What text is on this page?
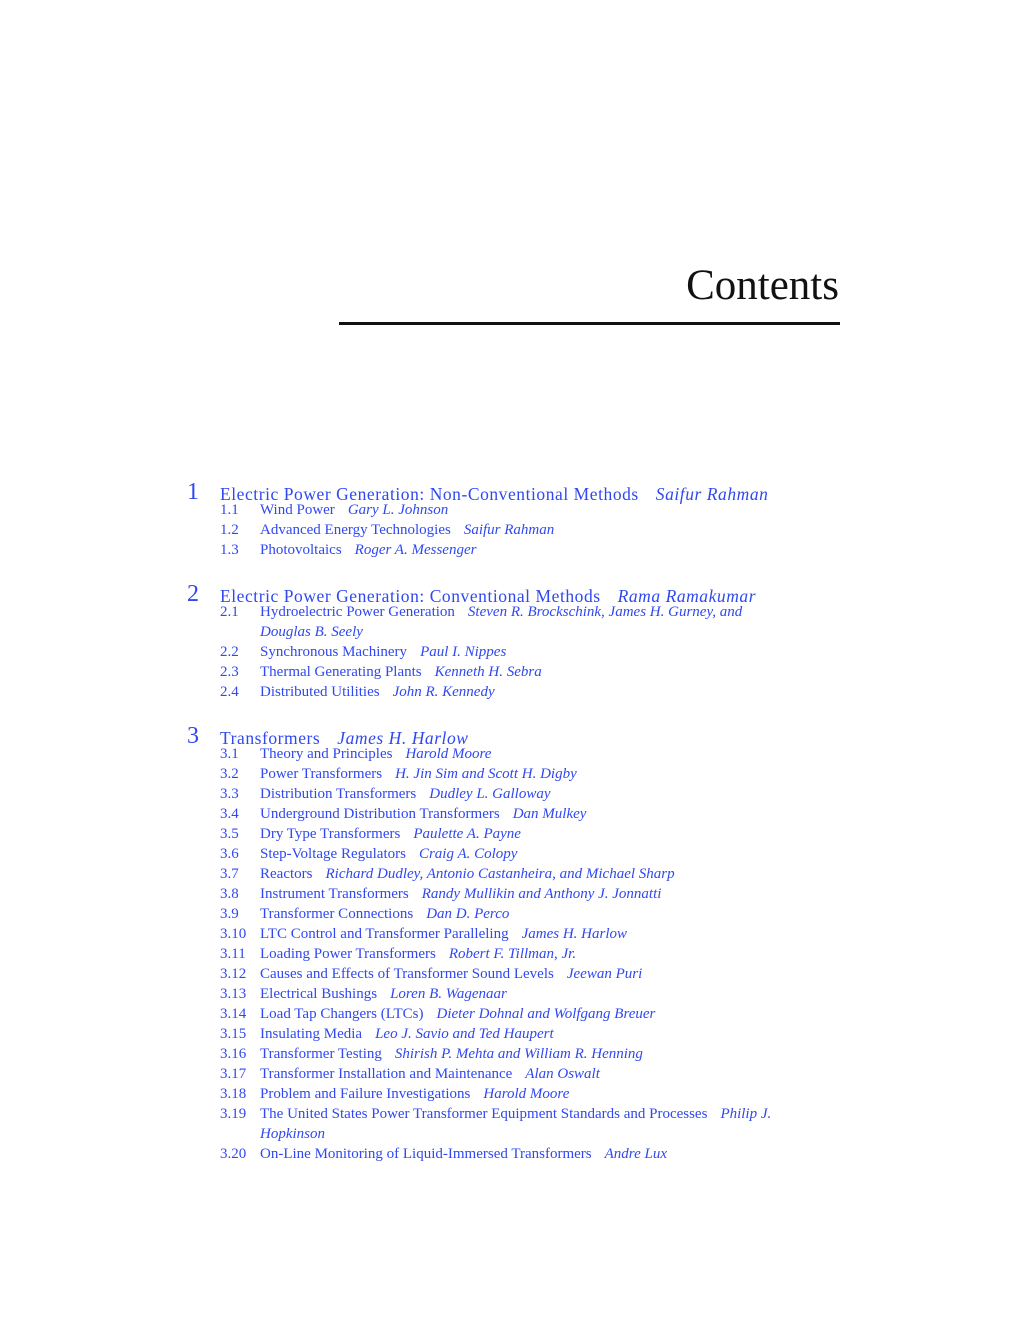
Contents
1 Electric Power Generation: Non-Conventional Methods Saifur Rahman
1.1 Wind Power Gary L. Johnson
1.2 Advanced Energy Technologies Saifur Rahman
1.3 Photovoltaics Roger A. Messenger
2 Electric Power Generation: Conventional Methods Rama Ramakumar
2.1 Hydroelectric Power Generation Steven R. Brockschink, James H. Gurney, and Douglas B. Seely
2.2 Synchronous Machinery Paul I. Nippes
2.3 Thermal Generating Plants Kenneth H. Sebra
2.4 Distributed Utilities John R. Kennedy
3 Transformers James H. Harlow
3.1 Theory and Principles Harold Moore
3.2 Power Transformers H. Jin Sim and Scott H. Digby
3.3 Distribution Transformers Dudley L. Galloway
3.4 Underground Distribution Transformers Dan Mulkey
3.5 Dry Type Transformers Paulette A. Payne
3.6 Step-Voltage Regulators Craig A. Colopy
3.7 Reactors Richard Dudley, Antonio Castanheira, and Michael Sharp
3.8 Instrument Transformers Randy Mullikin and Anthony J. Jonnatti
3.9 Transformer Connections Dan D. Perco
3.10 LTC Control and Transformer Paralleling James H. Harlow
3.11 Loading Power Transformers Robert F. Tillman, Jr.
3.12 Causes and Effects of Transformer Sound Levels Jeewan Puri
3.13 Electrical Bushings Loren B. Wagenaar
3.14 Load Tap Changers (LTCs) Dieter Dohnal and Wolfgang Breuer
3.15 Insulating Media Leo J. Savio and Ted Haupert
3.16 Transformer Testing Shirish P. Mehta and William R. Henning
3.17 Transformer Installation and Maintenance Alan Oswalt
3.18 Problem and Failure Investigations Harold Moore
3.19 The United States Power Transformer Equipment Standards and Processes Philip J. Hopkinson
3.20 On-Line Monitoring of Liquid-Immersed Transformers Andre Lux
